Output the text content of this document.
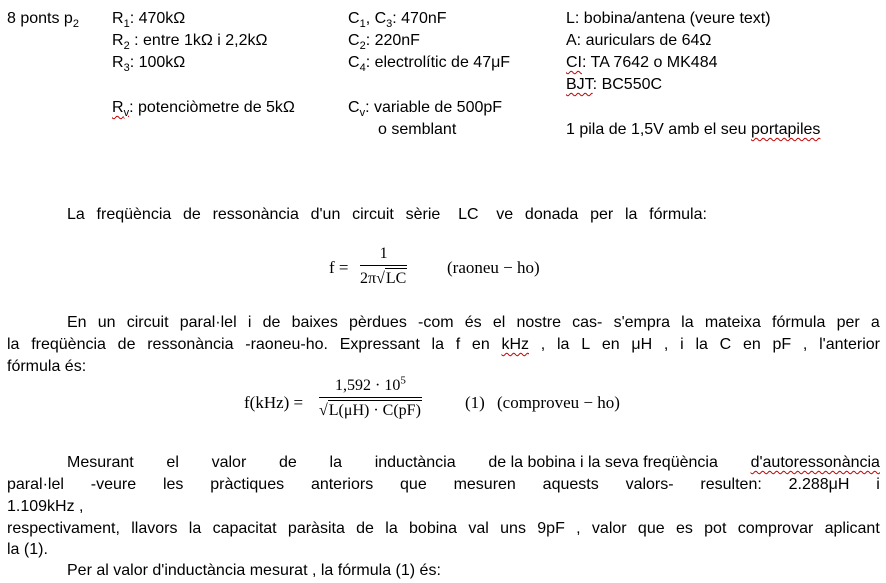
8 ponts $p_2$ $R_1$: 470kΩ
$R_2$ : entre 1kΩ i 2,2kΩ
$R_3$: 100kΩ
$R_v$: potenciòmetre de 5kΩ
$C_1$, $C_3$: 470nF
$C_2$: 220nF
$C_4$: electrolític de 47μF
$C_v$: variable de 500pF
o semblant
L: bobina/antena (veure text)
A: auriculars de 64Ω
CI: TA 7642 o MK484
BJT: BC550C
1 pila de 1,5V amb el seu portapiles
La freqüència de ressonància d'un circuit sèrie LC ve donada per la fórmula:
f =
1
2π√LC
(raoneu − ho)
En un circuit paral·lel i de baixes pèrdues -com és el nostre cas- s'empra la mateixa fórmula per a
la freqüència de ressonància -raoneu-ho. Expressant la f en kHz , la L en μH , i la C en pF , l'anterior
fórmula és:
f(kHz) =
$1,592 \cdot 10^5$
√L(μH) · C(pF)	(1) (comproveu − ho)
Mesurant el valor de la inductància de la bobina i la seva freqüència d'autoressonància
paral·lel -veure les pràctiques anteriors que mesuren aquests valors- resulten: 2.288μH i
1.109kHz ,
respectivament, llavors la capacitat paràsita de la bobina val uns 9pF , valor que es pot comprovar aplicant
la (1).
Per al valor d'inductància mesurat , la fórmula (1) és:
